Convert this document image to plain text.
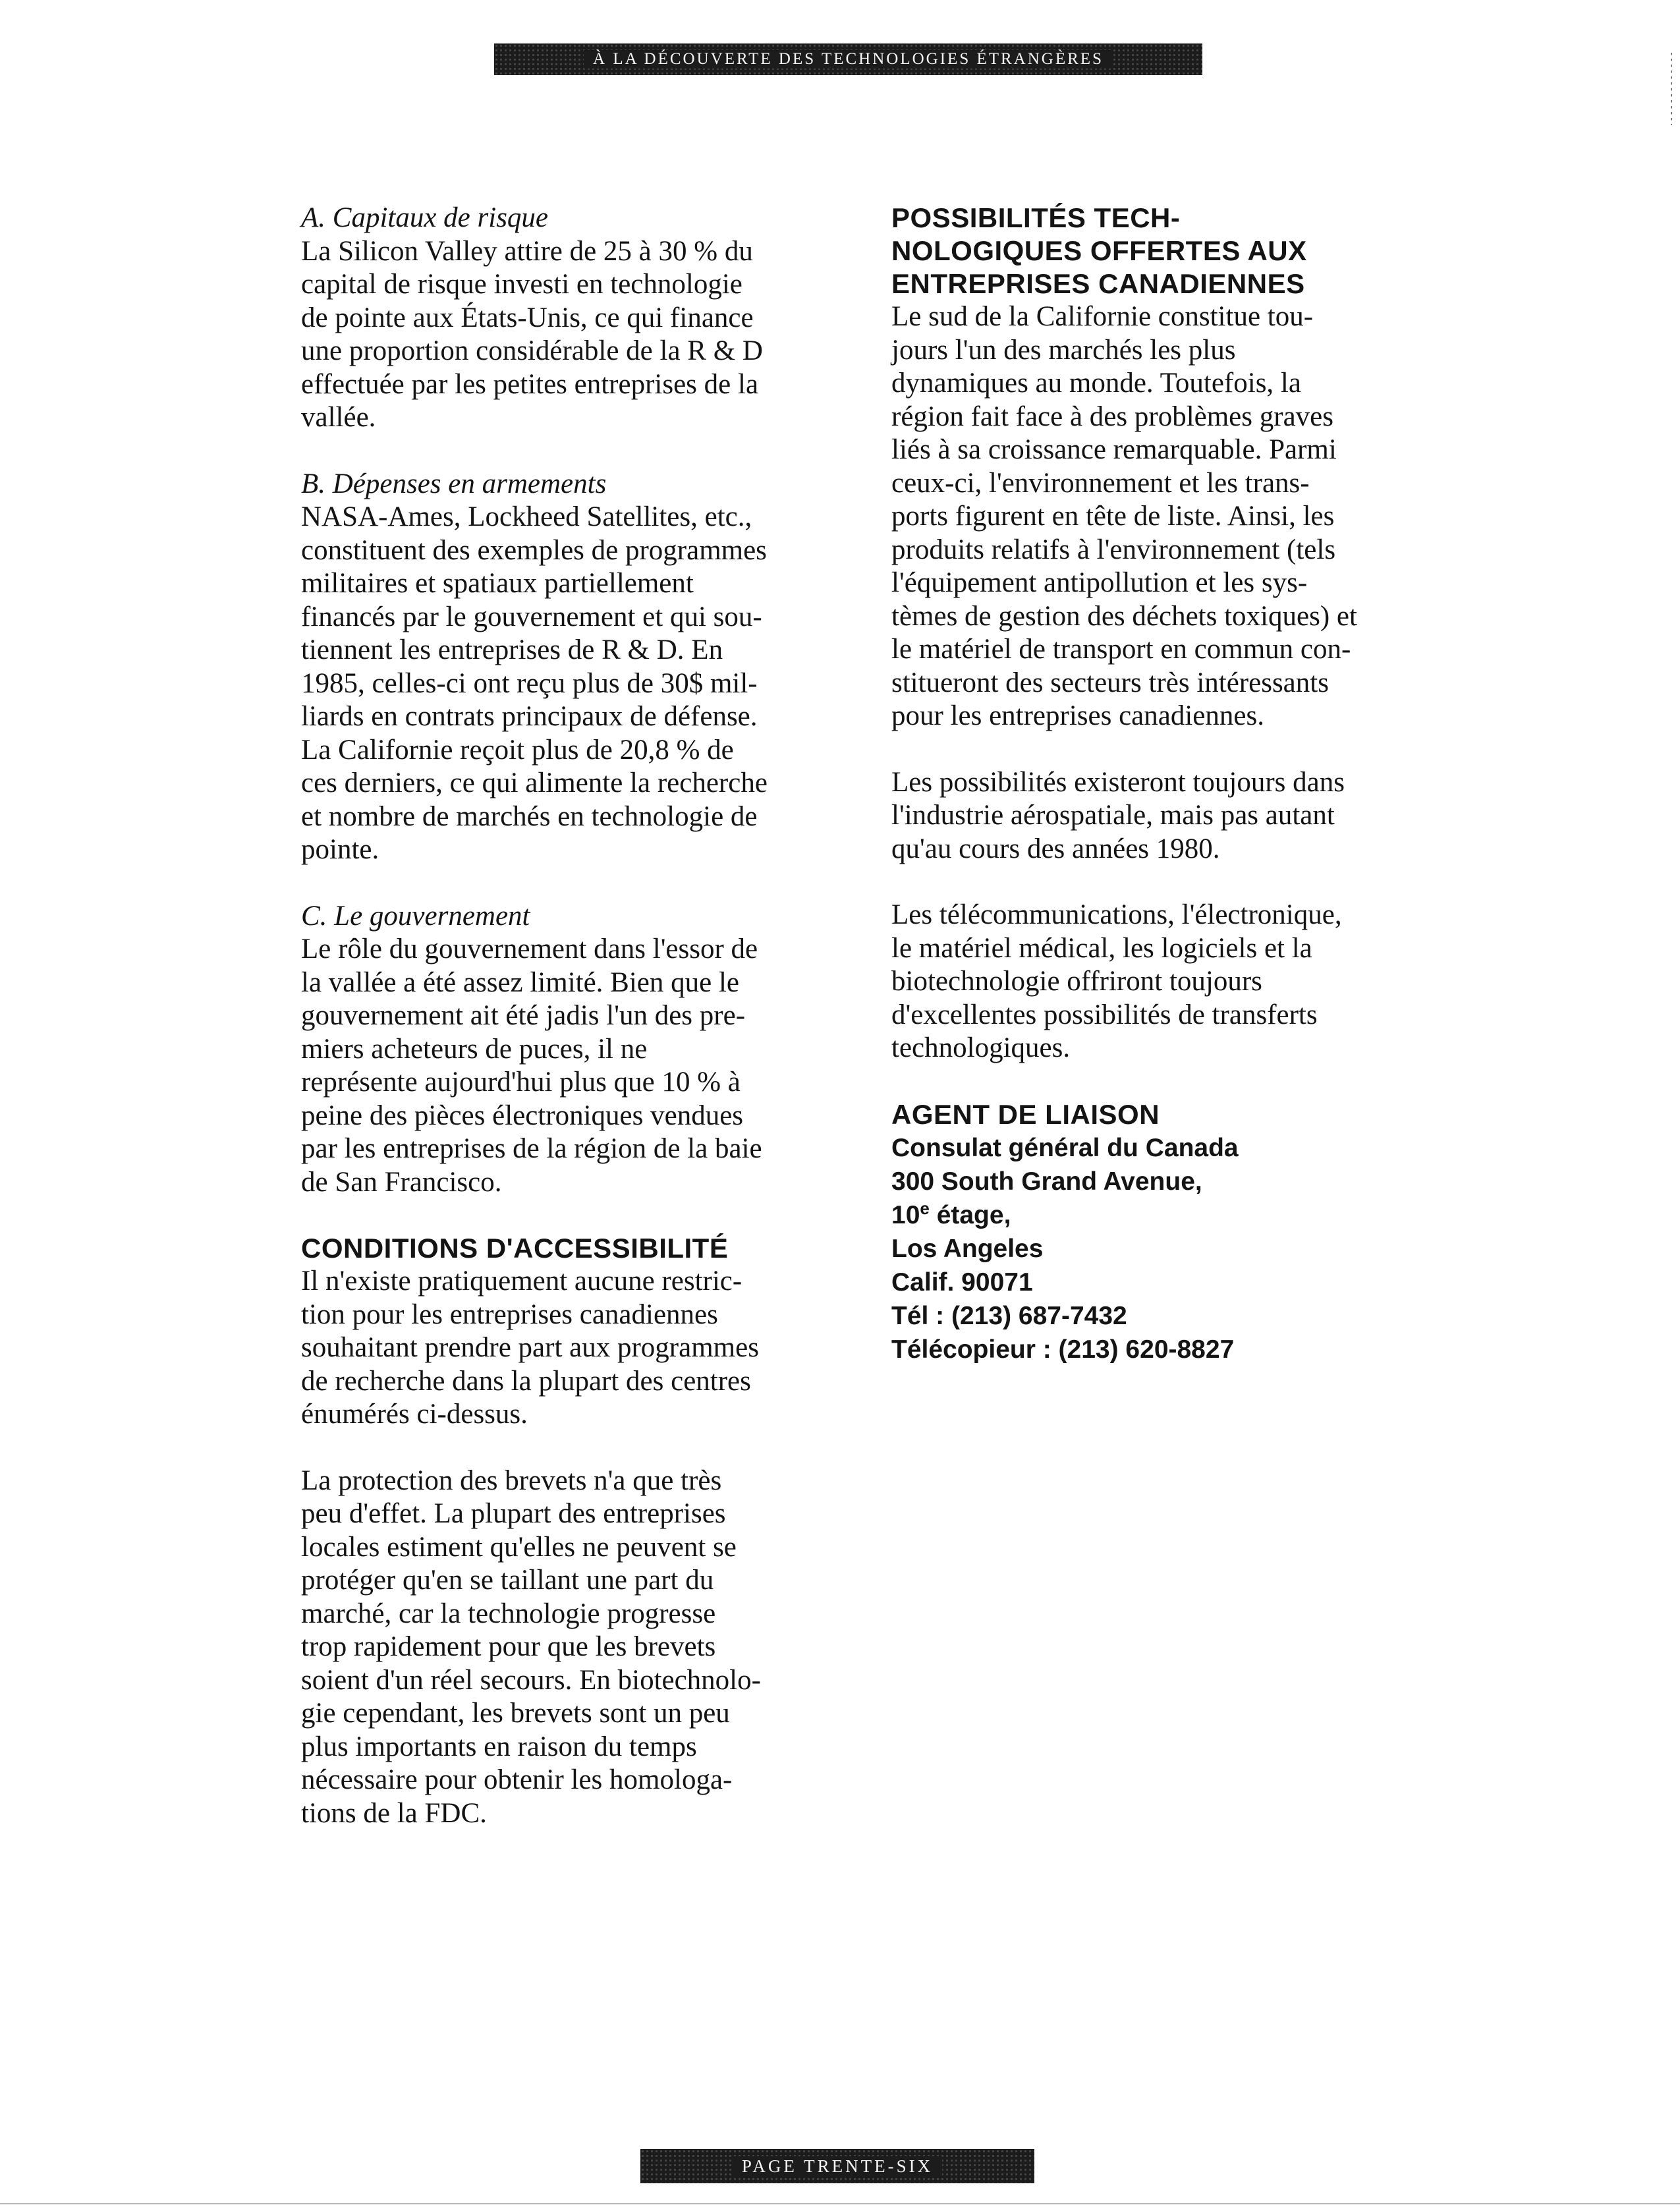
À LA DÉCOUVERTE DES TECHNOLOGIES ÉTRANGÈRES
A. Capitaux de risque
La Silicon Valley attire de 25 à 30 % du
capital de risque investi en technologie
de pointe aux États-Unis, ce qui finance
une proportion considérable de la R & D
effectuée par les petites entreprises de la
vallée.
B. Dépenses en armements
NASA-Ames, Lockheed Satellites, etc.,
constituent des exemples de programmes
militaires et spatiaux partiellement
financés par le gouvernement et qui sou-
tiennent les entreprises de R & D. En
1985, celles-ci ont reçu plus de 30$ mil-
liards en contrats principaux de défense.
La Californie reçoit plus de 20,8 % de
ces derniers, ce qui alimente la recherche
et nombre de marchés en technologie de
pointe.
C. Le gouvernement
Le rôle du gouvernement dans l'essor de
la vallée a été assez limité. Bien que le
gouvernement ait été jadis l'un des pre-
miers acheteurs de puces, il ne
représente aujourd'hui plus que 10 % à
peine des pièces électroniques vendues
par les entreprises de la région de la baie
de San Francisco.
CONDITIONS D'ACCESSIBILITÉ
Il n'existe pratiquement aucune restric-
tion pour les entreprises canadiennes
souhaitant prendre part aux programmes
de recherche dans la plupart des centres
énumérés ci-dessus.
La protection des brevets n'a que très
peu d'effet. La plupart des entreprises
locales estiment qu'elles ne peuvent se
protéger qu'en se taillant une part du
marché, car la technologie progresse
trop rapidement pour que les brevets
soient d'un réel secours. En biotechnolo-
gie cependant, les brevets sont un peu
plus importants en raison du temps
nécessaire pour obtenir les homologa-
tions de la FDC.
POSSIBILITÉS TECH-
NOLOGIQUES OFFERTES AUX
ENTREPRISES CANADIENNES
Le sud de la Californie constitue tou-
jours l'un des marchés les plus
dynamiques au monde. Toutefois, la
région fait face à des problèmes graves
liés à sa croissance remarquable. Parmi
ceux-ci, l'environnement et les trans-
ports figurent en tête de liste. Ainsi, les
produits relatifs à l'environnement (tels
l'équipement antipollution et les sys-
tèmes de gestion des déchets toxiques) et
le matériel de transport en commun con-
stitueront des secteurs très intéressants
pour les entreprises canadiennes.
Les possibilités existeront toujours dans
l'industrie aérospatiale, mais pas autant
qu'au cours des années 1980.
Les télécommunications, l'électronique,
le matériel médical, les logiciels et la
biotechnologie offriront toujours
d'excellentes possibilités de transferts
technologiques.
AGENT DE LIAISON
Consulat général du Canada
300 South Grand Avenue,
10e étage,
Los Angeles
Calif. 90071
Tél : (213) 687-7432
Télécopieur : (213) 620-8827
PAGE TRENTE-SIX
